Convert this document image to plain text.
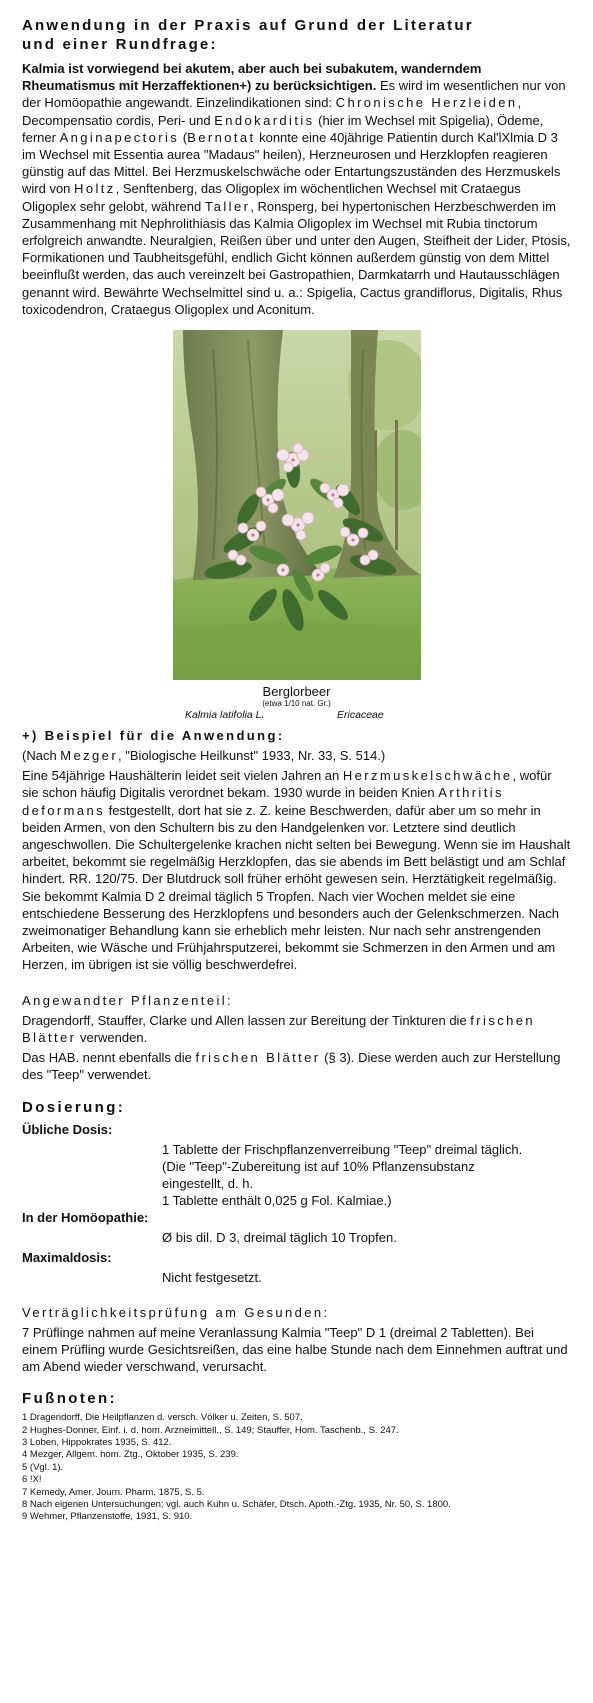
Anwendung in der Praxis auf Grund der Literatur
und einer Rundfrage:

Kalmia ist vorwiegend bei akutem, aber auch bei subakutem, wanderndem Rheumatismus mit Herzaffektionen+) zu berücksichtigen. Es wird im wesentlichen nur von der Homöopathie angewandt. Einzelindikationen sind: Chronische Herzleiden, Decompensatio cordis, Peri- und Endokarditis (hier im Wechsel mit Spigelia), Ödeme, ferner Anginapectoris (Bernotat konnte eine 40jährige Patientin durch Kal'lXlmia D 3 im Wechsel mit Essentia aurea "Madaus" heilen), Herzneurosen und Herzklopfen reagieren günstig auf das Mittel. Bei Herzmuskelschwäche oder Entartungszuständen des Herzmuskels wird von Holtz, Senftenberg, das Oligoplex im wöchentlichen Wechsel mit Crataegus Oligoplex sehr gelobt, während Taller, Ronsperg, bei hypertonischen Herzbeschwerden im Zusammenhang mit Nephrolithiasis das Kalmia Oligoplex im Wechsel mit Rubia tinctorum erfolgreich anwandte. Neuralgien, Reißen über und unter den Augen, Steifheit der Lider, Ptosis, Formikationen und Taubheitsgefühl, endlich Gicht können außerdem günstig von dem Mittel beeinflußt werden, das auch vereinzelt bei Gastropathien, Darmkatarrh und Hautausschlägen genannt wird. Bewährte Wechselmittel sind u. a.: Spigelia, Cactus grandiflorus, Digitalis, Rhus toxicodendron, Crataegus Oligoplex und Aconitum.

Berglorbeer
(etwa 1/10 nat. Gr.)
Kalmia latifolia L.	Ericaceae
+) Beispiel für die Anwendung:

(Nach Mezger, "Biologische Heilkunst" 1933, Nr. 33, S. 514.)

Eine 54jährige Haushälterin leidet seit vielen Jahren an Herzmuskelschwäche, wofür sie schon häufig Digitalis verordnet bekam. 1930 wurde in beiden Knien Arthritis deformans festgestellt, dort hat sie z. Z. keine Beschwerden, dafür aber um so mehr in beiden Armen, von den Schultern bis zu den Handgelenken vor. Letztere sind deutlich angeschwollen. Die Schultergelenke krachen nicht selten bei Bewegung. Wenn sie im Haushalt arbeitet, bekommt sie regelmäßig Herzklopfen, das sie abends im Bett belästigt und am Schlaf hindert. RR. 120/75. Der Blutdruck soll früher erhöht gewesen sein. Herztätigkeit regelmäßig. Sie bekommt Kalmia D 2 dreimal täglich 5 Tropfen. Nach vier Wochen meldet sie eine entschiedene Besserung des Herzklopfens und besonders auch der Gelenkschmerzen. Nach zweimonatiger Behandlung kann sie erheblich mehr leisten. Nur nach sehr anstrengenden Arbeiten, wie Wäsche und Frühjahrsputzerei, bekommt sie Schmerzen in den Armen und am Herzen, im übrigen ist sie völlig beschwerdefrei.

Angewandter Pflanzenteil:

Dragendorff, Stauffer, Clarke und Allen lassen zur Bereitung der Tinkturen die frischen Blätter verwenden.

Das HAB. nennt ebenfalls die frischen Blätter (§ 3). Diese werden auch zur Herstellung des "Teep" verwendet.

Dosierung:
Übliche Dosis:
1 Tablette der Frischpflanzenverreibung "Teep" dreimal täglich.
(Die "Teep"-Zubereitung ist auf 10% Pflanzensubstanz
eingestellt, d. h.
1 Tablette enthält 0,025 g Fol. Kalmiae.)
In der Homöopathie:
Ø bis dil. D 3, dreimal täglich 10 Tropfen.
Maximaldosis:
Nicht festgesetzt.
Verträglichkeitsprüfung am Gesunden:

7 Prüflinge nahmen auf meine Veranlassung Kalmia "Teep" D 1 (dreimal 2 Tabletten). Bei einem Prüfling wurde Gesichtsreißen, das eine halbe Stunde nach dem Einnehmen auftrat und am Abend wieder verschwand, verursacht.

Fußnoten:
1 Dragendorff, Die Heilpflanzen d. versch. Völker u. Zeiten, S. 507.
2 Hughes-Donner, Einf. i. d. hom. Arzneimittell., S. 149; Stauffer, Hom. Taschenb., S. 247.
3 Loben, Hippokrates 1935, S. 412.
4 Mezger, Allgem. hom. Ztg., Oktober 1935, S. 239.
5 (Vgl. 1).
6 !X!
7 Kemedy, Amer. Journ. Pharm. 1875, S. 5.
8 Nach eigenen Untersuchungen; vgl. auch Kuhn u. Schäfer, Dtsch. Apoth.-Ztg. 1935, Nr. 50, S. 1800.
9 Wehmer, Pflanzenstoffe, 1931, S. 910.
